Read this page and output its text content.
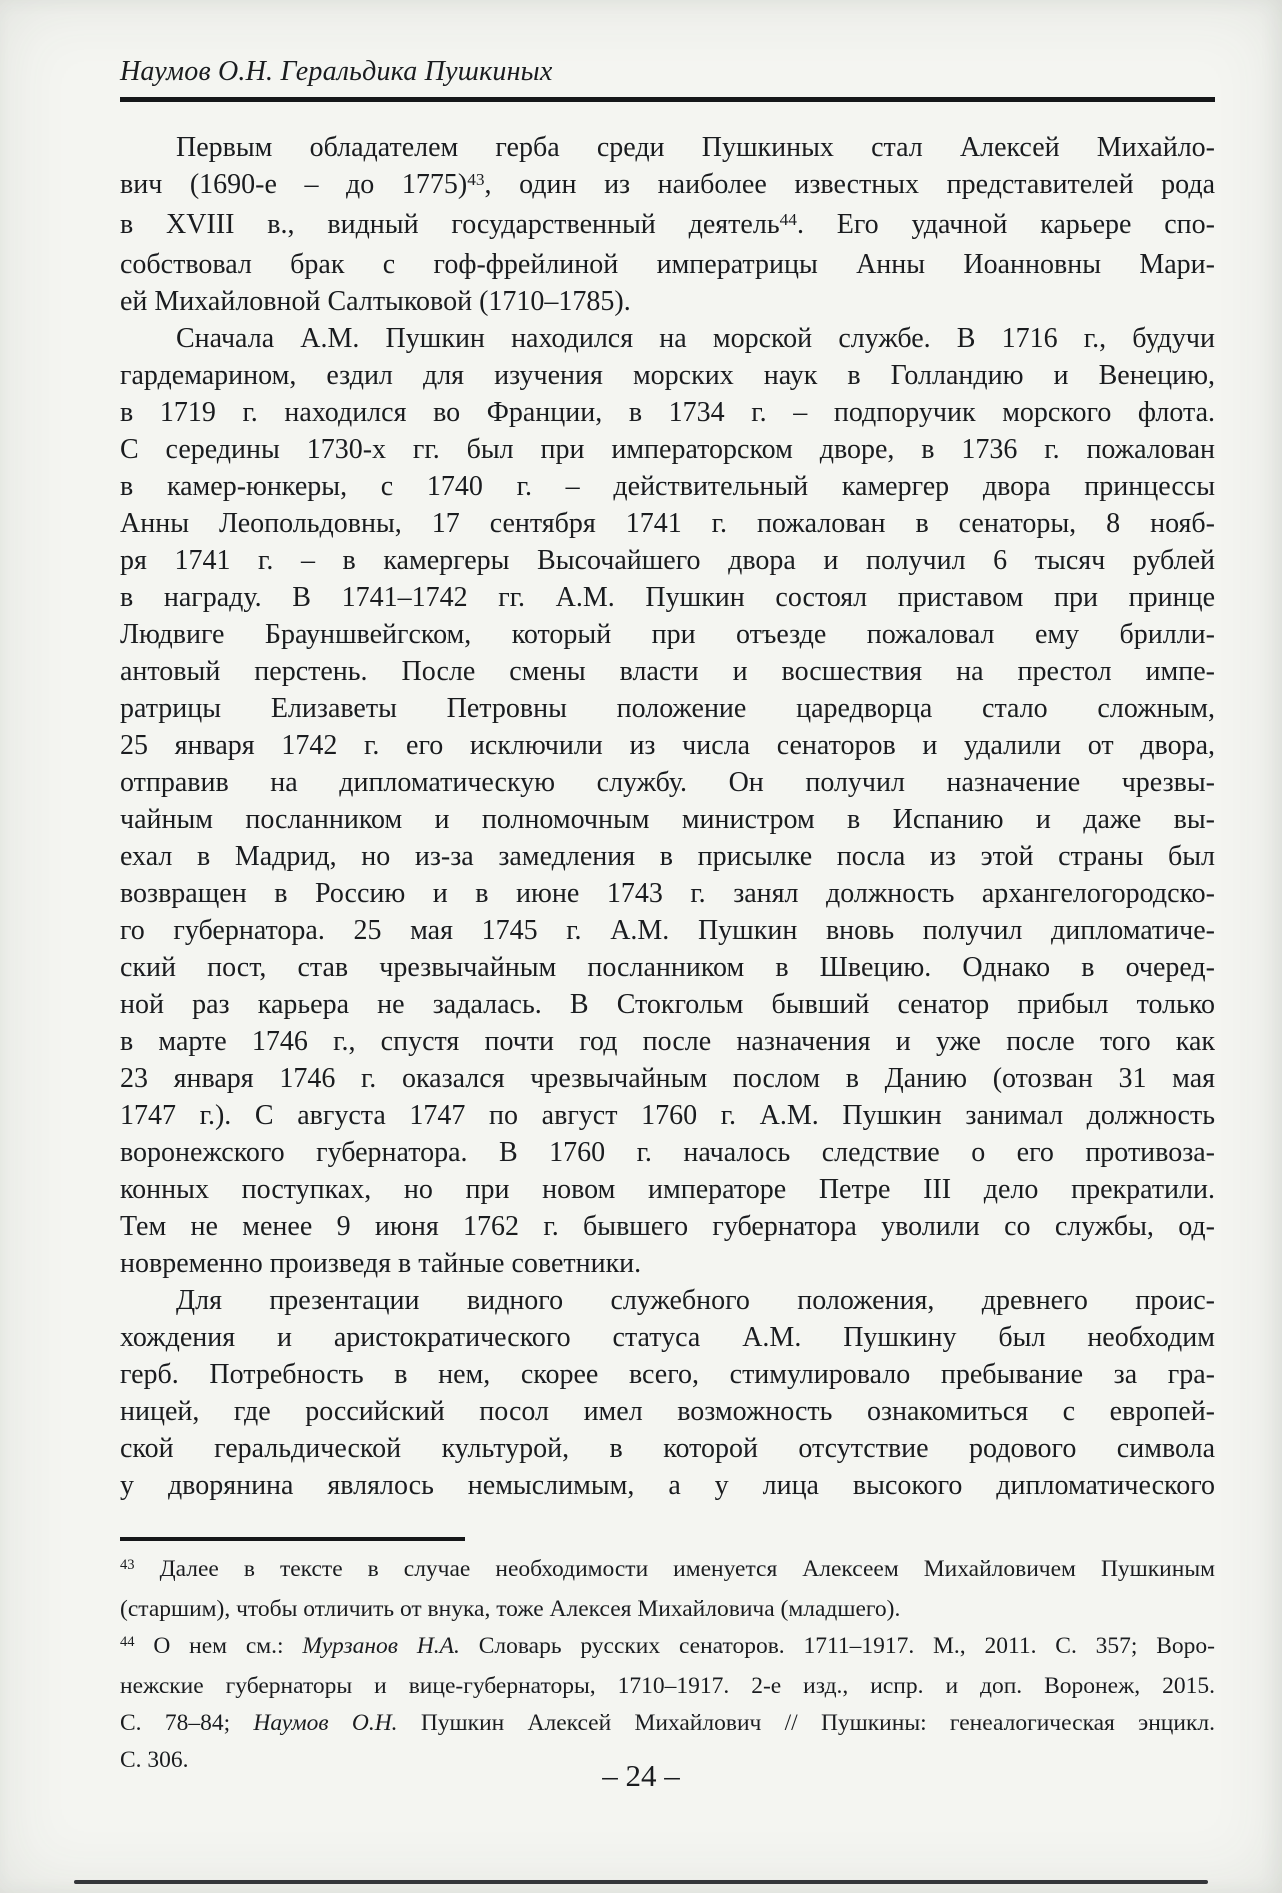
Наумов О.Н. Геральдика Пушкиных
Первым обладателем герба среди Пушкиных стал Алексей Михайло-
вич (1690-е – до 1775)$^{43}$, один из наиболее известных представителей рода
в XVIII в., видный государственный деятель$^{44}$. Его удачной карьере спо-
собствовал брак с гоф-фрейлиной императрицы Анны Иоанновны Мари-
ей Михайловной Салтыковой (1710–1785).
Сначала А.М. Пушкин находился на морской службе. В 1716 г., будучи
гардемарином, ездил для изучения морских наук в Голландию и Венецию,
в 1719 г. находился во Франции, в 1734 г. – подпоручик морского флота.
С середины 1730-х гг. был при императорском дворе, в 1736 г. пожалован
в камер-юнкеры, с 1740 г. – действительный камергер двора принцессы
Анны Леопольдовны, 17 сентября 1741 г. пожалован в сенаторы, 8 нояб-
ря 1741 г. – в камергеры Высочайшего двора и получил 6 тысяч рублей
в награду. В 1741–1742 гг. А.М. Пушкин состоял приставом при принце
Людвиге Брауншвейгском, который при отъезде пожаловал ему брилли-
антовый перстень. После смены власти и восшествия на престол импе-
ратрицы Елизаветы Петровны положение царедворца стало сложным,
25 января 1742 г. его исключили из числа сенаторов и удалили от двора,
отправив на дипломатическую службу. Он получил назначение чрезвы-
чайным посланником и полномочным министром в Испанию и даже вы-
ехал в Мадрид, но из-за замедления в присылке посла из этой страны был
возвращен в Россию и в июне 1743 г. занял должность архангелогородско-
го губернатора. 25 мая 1745 г. А.М. Пушкин вновь получил дипломатиче-
ский пост, став чрезвычайным посланником в Швецию. Однако в очеред-
ной раз карьера не задалась. В Стокгольм бывший сенатор прибыл только
в марте 1746 г., спустя почти год после назначения и уже после того как
23 января 1746 г. оказался чрезвычайным послом в Данию (отозван 31 мая
1747 г.). С августа 1747 по август 1760 г. А.М. Пушкин занимал должность
воронежского губернатора. В 1760 г. началось следствие о его противоза-
конных поступках, но при новом императоре Петре III дело прекратили.
Тем не менее 9 июня 1762 г. бывшего губернатора уволили со службы, од-
новременно произведя в тайные советники.
Для презентации видного служебного положения, древнего проис-
хождения и аристократического статуса А.М. Пушкину был необходим
герб. Потребность в нем, скорее всего, стимулировало пребывание за гра-
ницей, где российский посол имел возможность ознакомиться с европей-
ской геральдической культурой, в которой отсутствие родового символа
у дворянина являлось немыслимым, а у лица высокого дипломатического
$^{43}$ Далее в тексте в случае необходимости именуется Алексеем Михайловичем Пушкиным
(старшим), чтобы отличить от внука, тоже Алексея Михайловича (младшего).
$^{44}$ О нем см.: Мурзанов Н.А. Словарь русских сенаторов. 1711–1917. М., 2011. С. 357; Воро-
нежские губернаторы и вице-губернаторы, 1710–1917. 2-е изд., испр. и доп. Воронеж, 2015.
С. 78–84; Наумов О.Н. Пушкин Алексей Михайлович // Пушкины: генеалогическая энцикл.
С. 306.	– 24 –
